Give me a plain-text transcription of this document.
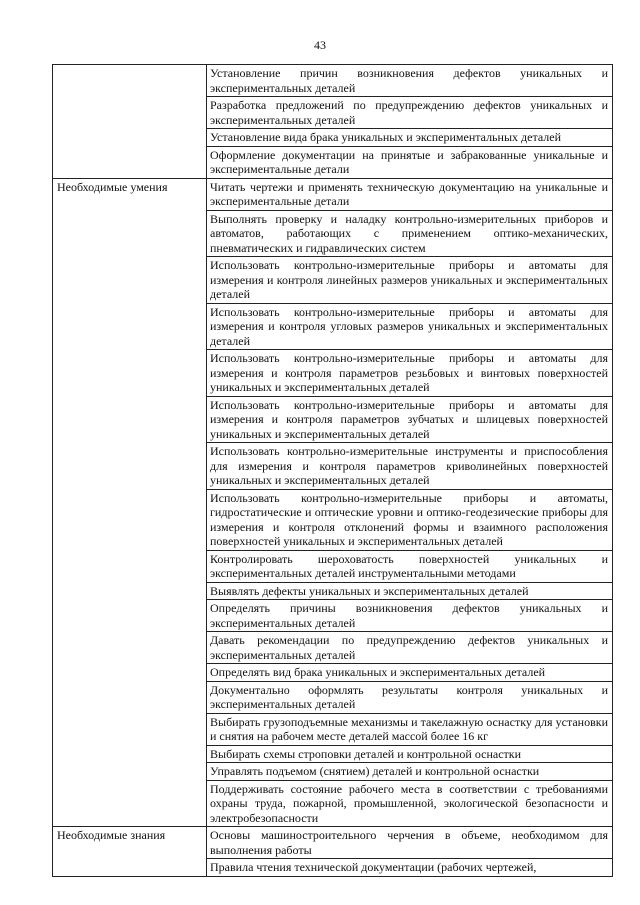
43

	Установление причин возникновения дефектов уникальных и экспериментальных деталей

	Разработка предложений по предупреждению дефектов уникальных и экспериментальных деталей

	Установление вида брака уникальных и экспериментальных деталей

	Оформление документации на принятые и забракованные уникальные и экспериментальные детали

Необходимые умения	Читать чертежи и применять техническую документацию на уникальные и экспериментальные детали

	Выполнять проверку и наладку контрольно-измерительных приборов и автоматов, работающих с применением оптико-механических, пневматических и гидравлических систем

	Использовать контрольно-измерительные приборы и автоматы для измерения и контроля линейных размеров уникальных и экспериментальных деталей

	Использовать контрольно-измерительные приборы и автоматы для измерения и контроля угловых размеров уникальных и экспериментальных деталей

	Использовать контрольно-измерительные приборы и автоматы для измерения и контроля параметров резьбовых и винтовых поверхностей уникальных и экспериментальных деталей

	Использовать контрольно-измерительные приборы и автоматы для измерения и контроля параметров зубчатых и шлицевых поверхностей уникальных и экспериментальных деталей

	Использовать контрольно-измерительные инструменты и приспособления для измерения и контроля параметров криволинейных поверхностей уникальных и экспериментальных деталей

	Использовать контрольно-измерительные приборы и автоматы, гидростатические и оптические уровни и оптико-геодезические приборы для измерения и контроля отклонений формы и взаимного расположения поверхностей уникальных и экспериментальных деталей

	Контролировать шероховатость поверхностей уникальных и экспериментальных деталей инструментальными методами

	Выявлять дефекты уникальных и экспериментальных деталей

	Определять причины возникновения дефектов уникальных и экспериментальных деталей

	Давать рекомендации по предупреждению дефектов уникальных и экспериментальных деталей

	Определять вид брака уникальных и экспериментальных деталей

	Документально оформлять результаты контроля уникальных и экспериментальных деталей

	Выбирать грузоподъемные механизмы и такелажную оснастку для установки и снятия на рабочем месте деталей массой более 16 кг

	Выбирать схемы строповки деталей и контрольной оснастки

	Управлять подъемом (снятием) деталей и контрольной оснастки

	Поддерживать состояние рабочего места в соответствии с требованиями охраны труда, пожарной, промышленной, экологической безопасности и электробезопасности

Необходимые знания	Основы машиностроительного черчения в объеме, необходимом для выполнения работы

	Правила чтения технической документации (рабочих чертежей,
